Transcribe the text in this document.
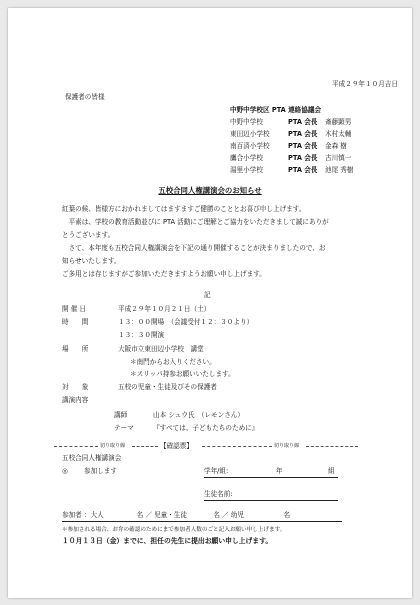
平成２９年１０月吉日
保護者の皆様
中野中学校区 PTA 連絡協議会
中野中学校	PTA 会長 斎藤顕男
東田辺小学校	PTA 会長 木村太輔
南百済小学校	PTA 会長 金森 樹
鷹合小学校	PTA 会長 古川慎一
湯里小学校	PTA 会長 池尾 秀樹
五校合同人権講演会のお知らせ
紅葉の候、皆様方におかれましてはますますご健勝のこととお喜び申し上げます。
　平素は、学校の教育活動並びに PTA 活動にご理解とご協力をいただきまして誠にありが
とうございます。
　さて、本年度も五校合同人権講演会を下記の通り開催することが決まりましたので、お
知らせいたします。
ご多用とは存じますがご参加いただきますようお願い申し上げます。
記
開 催 日	平成２９年１０月２１日（土）
時　　間	１３：００開場　（会議受付１２：３０より）
１３：３０開演
場　　所	大阪市立東田辺小学校　講堂
＊南門からお入りください。
＊スリッパ持参お願いいたします。
対　　象	五校の児童・生徒及びその保護者
講演内容
講師	山本 シュウ氏　（レモンさん）
テーマ	『すべては、子どもたちのために』
切り取り線	【確認票】	切り取り線
五校合同人権講演会
◎ 参加します	学年/組:	年	組
生徒名前:
参加者 ：大人　　　　　名 ／ 児童・生徒　　　　名 ／ 幼児　　　　　　名
＊参加される場合、お弁の確認のためにまで参加者人数のごと記入お願い申し上げます。
１０月１３日（金）までに、担任の先生に提出お願い申し上げます。
